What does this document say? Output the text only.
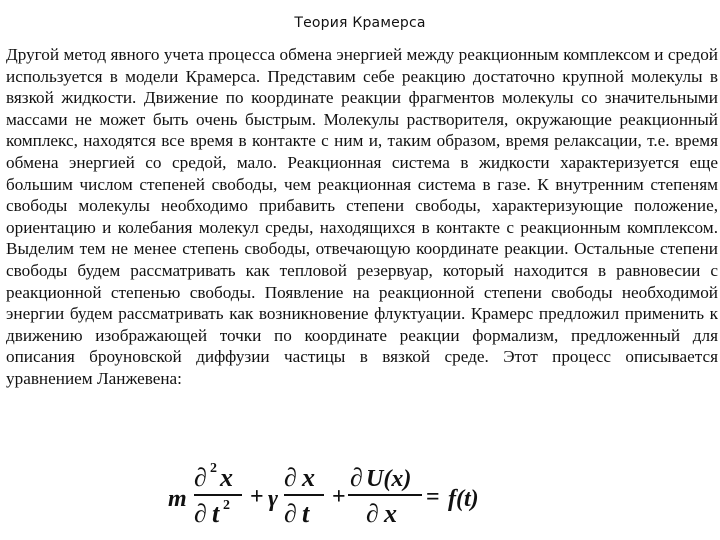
Теория Крамерса

Другой метод явного учета процесса обмена энергией между реакционным комплексом и средой используется в модели Крамерса. Представим себе реакцию достаточно крупной молекулы в вязкой жидкости. Движение по координате реакции фрагментов молекулы со значительными массами не может быть очень быстрым. Молекулы растворителя, окружающие реакционный комплекс, находятся все время в контакте с ним и, таким образом, время релаксации, т.е. время обмена энергией со средой, мало. Реакционная система в жидкости характеризуется еще большим числом степеней свободы, чем реакционная система в газе. К внутренним степеням свободы молекулы необходимо прибавить степени свободы, характеризующие положение, ориентацию и колебания молекул среды, находящихся в контакте с реакционным комплексом. Выделим тем не менее степень свободы, отвечающую координате реакции. Остальные степени свободы будем рассматривать как тепловой резервуар, который находится в равновесии с реакционной степенью свободы. Появление на реакционной степени свободы необходимой энергии будем рассматривать как возникновение флуктуации. Крамерс предложил применить к движению изображающей точки по координате реакции формализм, предложенный для описания броуновской диффузии частицы в вязкой среде. Этот процесс описывается уравнением Ланжевена:

m
∂ 2 x
∂ t 2 + γ
∂ x
∂ t
+
∂ U(x)
∂ x
= f(t)
